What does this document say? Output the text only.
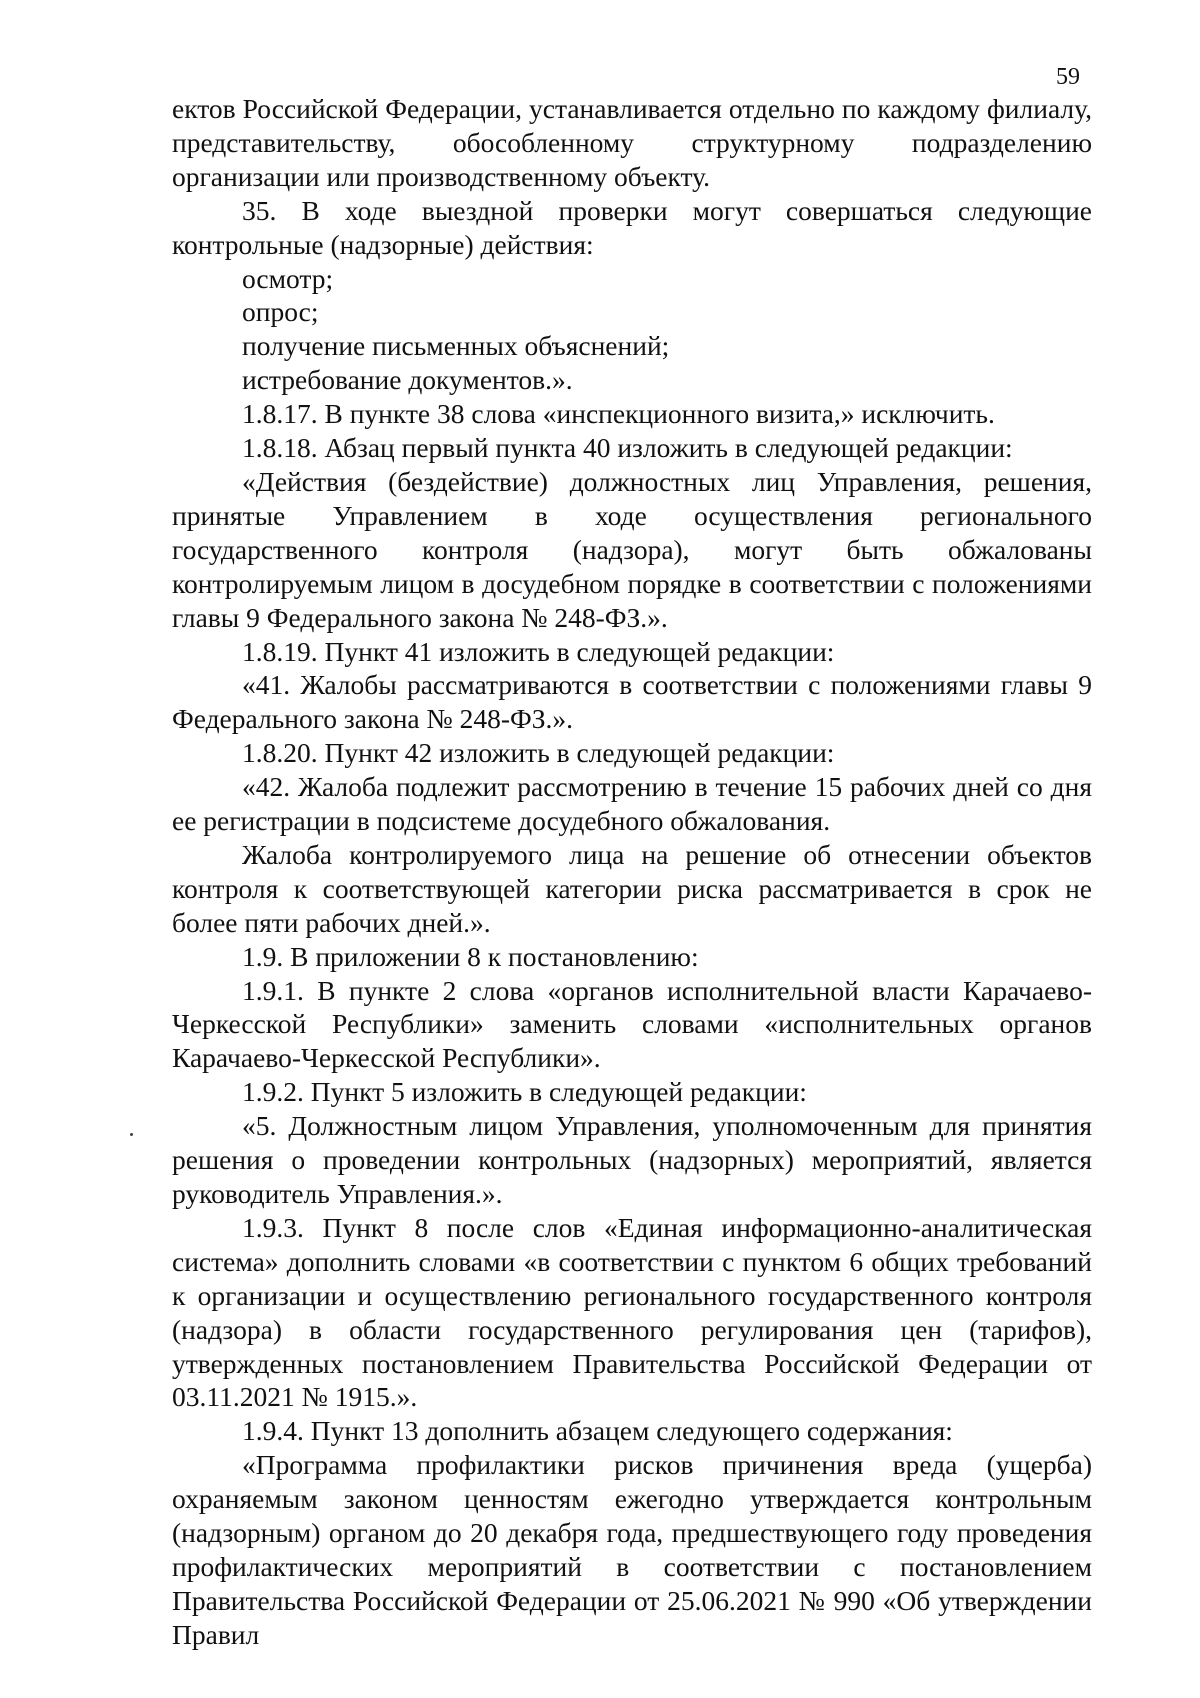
59

ектов Российской Федерации, устанавливается отдельно по каждому филиалу, представительству, обособленному структурному подразделению организации или производственному объекту.

35. В ходе выездной проверки могут совершаться следующие контрольные (надзорные) действия:

осмотр;

опрос;

получение письменных объяснений;

истребование документов.».

1.8.17. В пункте 38 слова «инспекционного визита,» исключить.

1.8.18. Абзац первый пункта 40 изложить в следующей редакции:

«Действия (бездействие) должностных лиц Управления, решения, принятые Управлением в ходе осуществления регионального государственного контроля (надзора), могут быть обжалованы контролируемым лицом в досудебном порядке в соответствии с положениями главы 9 Федерального закона № 248-ФЗ.».

1.8.19. Пункт 41 изложить в следующей редакции:

«41. Жалобы рассматриваются в соответствии с положениями главы 9 Федерального закона № 248-ФЗ.».

1.8.20. Пункт 42 изложить в следующей редакции:

«42. Жалоба подлежит рассмотрению в течение 15 рабочих дней со дня ее регистрации в подсистеме досудебного обжалования.

Жалоба контролируемого лица на решение об отнесении объектов контроля к соответствующей категории риска рассматривается в срок не более пяти рабочих дней.».

1.9. В приложении 8 к постановлению:

1.9.1. В пункте 2 слова «органов исполнительной власти Карачаево-Черкесской Республики» заменить словами «исполнительных органов Карачаево-Черкесской Республики».

1.9.2. Пункт 5 изложить в следующей редакции:

«5. Должностным лицом Управления, уполномоченным для принятия решения о проведении контрольных (надзорных) мероприятий, является руководитель Управления.».

1.9.3. Пункт 8 после слов «Единая информационно-аналитическая система» дополнить словами «в соответствии с пунктом 6 общих требований к организации и осуществлению регионального государственного контроля (надзора) в области государственного регулирования цен (тарифов), утвержденных постановлением Правительства Российской Федерации от 03.11.2021 № 1915.».

1.9.4. Пункт 13 дополнить абзацем следующего содержания:

«Программа профилактики рисков причинения вреда (ущерба) охраняемым законом ценностям ежегодно утверждается контрольным (надзорным) органом до 20 декабря года, предшествующего году проведения профилактических мероприятий в соответствии с постановлением Правительства Российской Федерации от 25.06.2021 № 990 «Об утверждении Правил
